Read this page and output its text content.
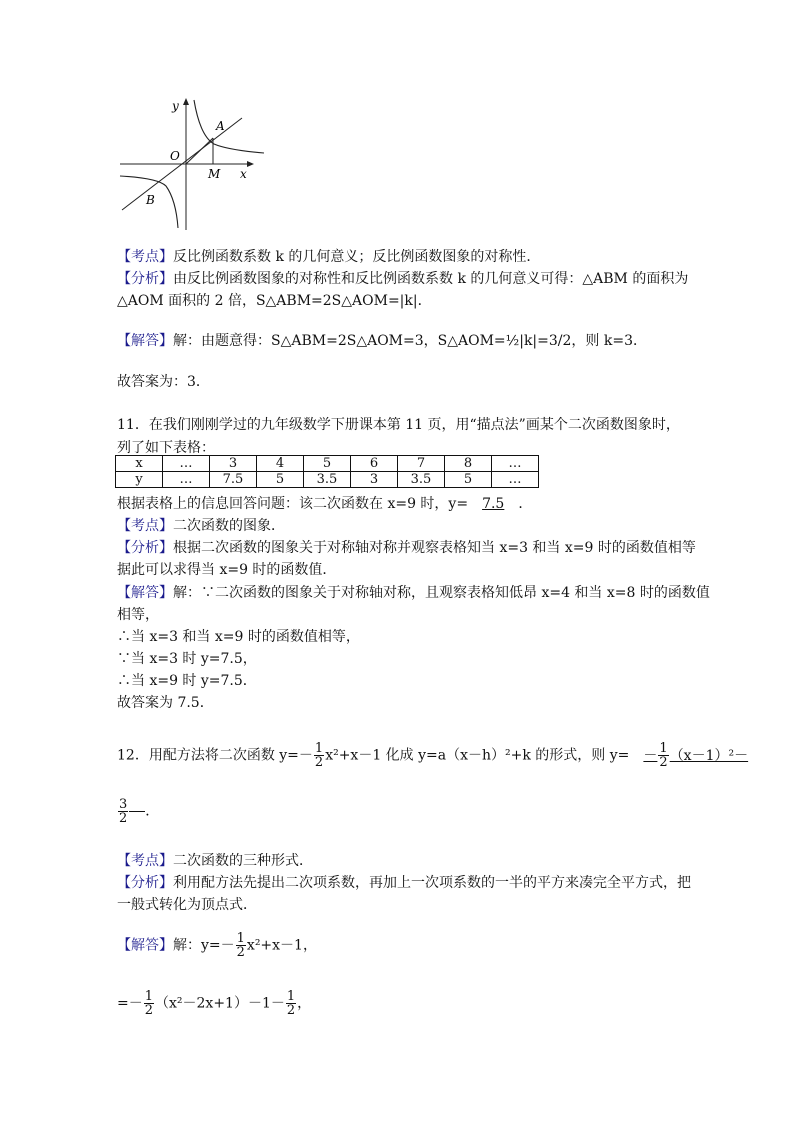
y
A
O
M x
B
【考点】反比例函数系数 k 的几何意义；反比例函数图象的对称性．
【分析】由反比例函数图象的对称性和反比例函数系数 k 的几何意义可得：△ABM 的面积为
△AOM 面积的 2 倍，S△ABM=2S△AOM=|k|．
【解答】解：由题意得：S△ABM=2S△AOM=3，S△AOM=½|k|=3/2，则 k=3．
故答案为：3．
11．在我们刚刚学过的九年级数学下册课本第 11 页，用“描点法”画某个二次函数图象时，
列了如下表格：
x	…	3	4	5	6	7	8	…
y	…	7.5	5	3.5	3	3.5	5	…
根据表格上的信息回答问题：该二次函数在 x=9 时，y= 7.5 ．
【考点】二次函数的图象．
【分析】根据二次函数的图象关于对称轴对称并观察表格知当 x=3 和当 x=9 时的函数值相等
据此可以求得当 x=9 时的函数值．
【解答】解：∵二次函数的图象关于对称轴对称，且观察表格知低昂 x=4 和当 x=8 时的函数值
相等，
∴当 x=3 和当 x=9 时的函数值相等，
∵当 x=3 时 y=7.5，
∴当 x=9 时 y=7.5．
故答案为 7.5．
12．用配方法将二次函数 $y=- \frac{1}{2} x^2+x-1$ 化成 y=a（x－h）²+k 的形式，则 $y= - \frac{1}{2} (x-1)^2-$
$\frac{3}{2}$ ．
【考点】二次函数的三种形式．
【分析】利用配方法先提出二次项系数，再加上一次项系数的一半的平方来凑完全平方式，把
一般式转化为顶点式．
【解答】解：$y=- \frac{1}{2} x^2+x-1$，
=－ $\frac{1}{2} (x^2-2x+1)-1- \frac{1}{2}$ ，
